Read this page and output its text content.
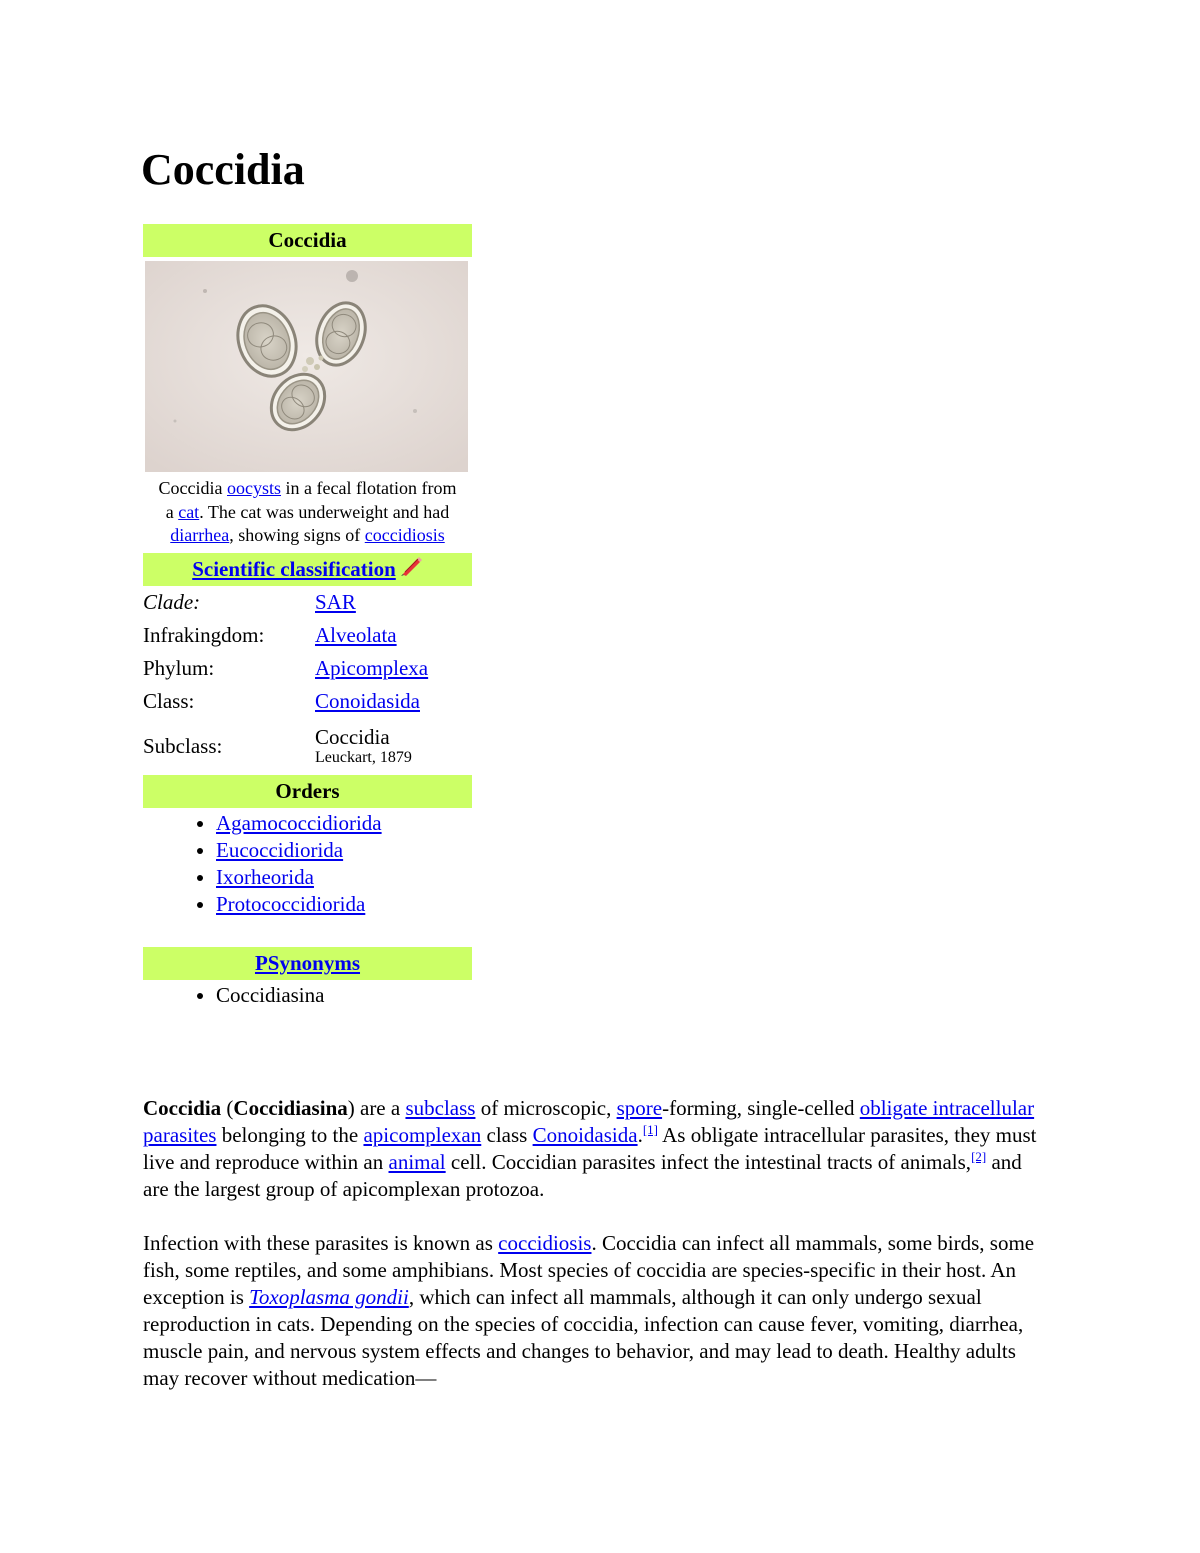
Coccidia
Coccidia
Coccidia oocysts in a fecal flotation from a cat. The cat was underweight and had diarrhea, showing signs of coccidiosis
Scientific classification
Clade:	SAR
Infrakingdom:	Alveolata
Phylum:	Apicomplexa
Class:	Conoidasida
Subclass:	Coccidia
Leuckart, 1879
Orders
• Agamococcidiorida
• Eucoccidiorida
• Ixorheorida
• Protococcidiorida
PSynonyms
• Coccidiasina

Coccidia (Coccidiasina) are a subclass of microscopic, spore-forming, single-celled obligate intracellular parasites belonging to the apicomplexan class Conoidasida.[1] As obligate intracellular parasites, they must live and reproduce within an animal cell. Coccidian parasites infect the intestinal tracts of animals,[2] and are the largest group of apicomplexan protozoa.

Infection with these parasites is known as coccidiosis. Coccidia can infect all mammals, some birds, some fish, some reptiles, and some amphibians. Most species of coccidia are species-specific in their host. An exception is Toxoplasma gondii, which can infect all mammals, although it can only undergo sexual reproduction in cats. Depending on the species of coccidia, infection can cause fever, vomiting, diarrhea, muscle pain, and nervous system effects and changes to behavior, and may lead to death. Healthy adults may recover without medication—
